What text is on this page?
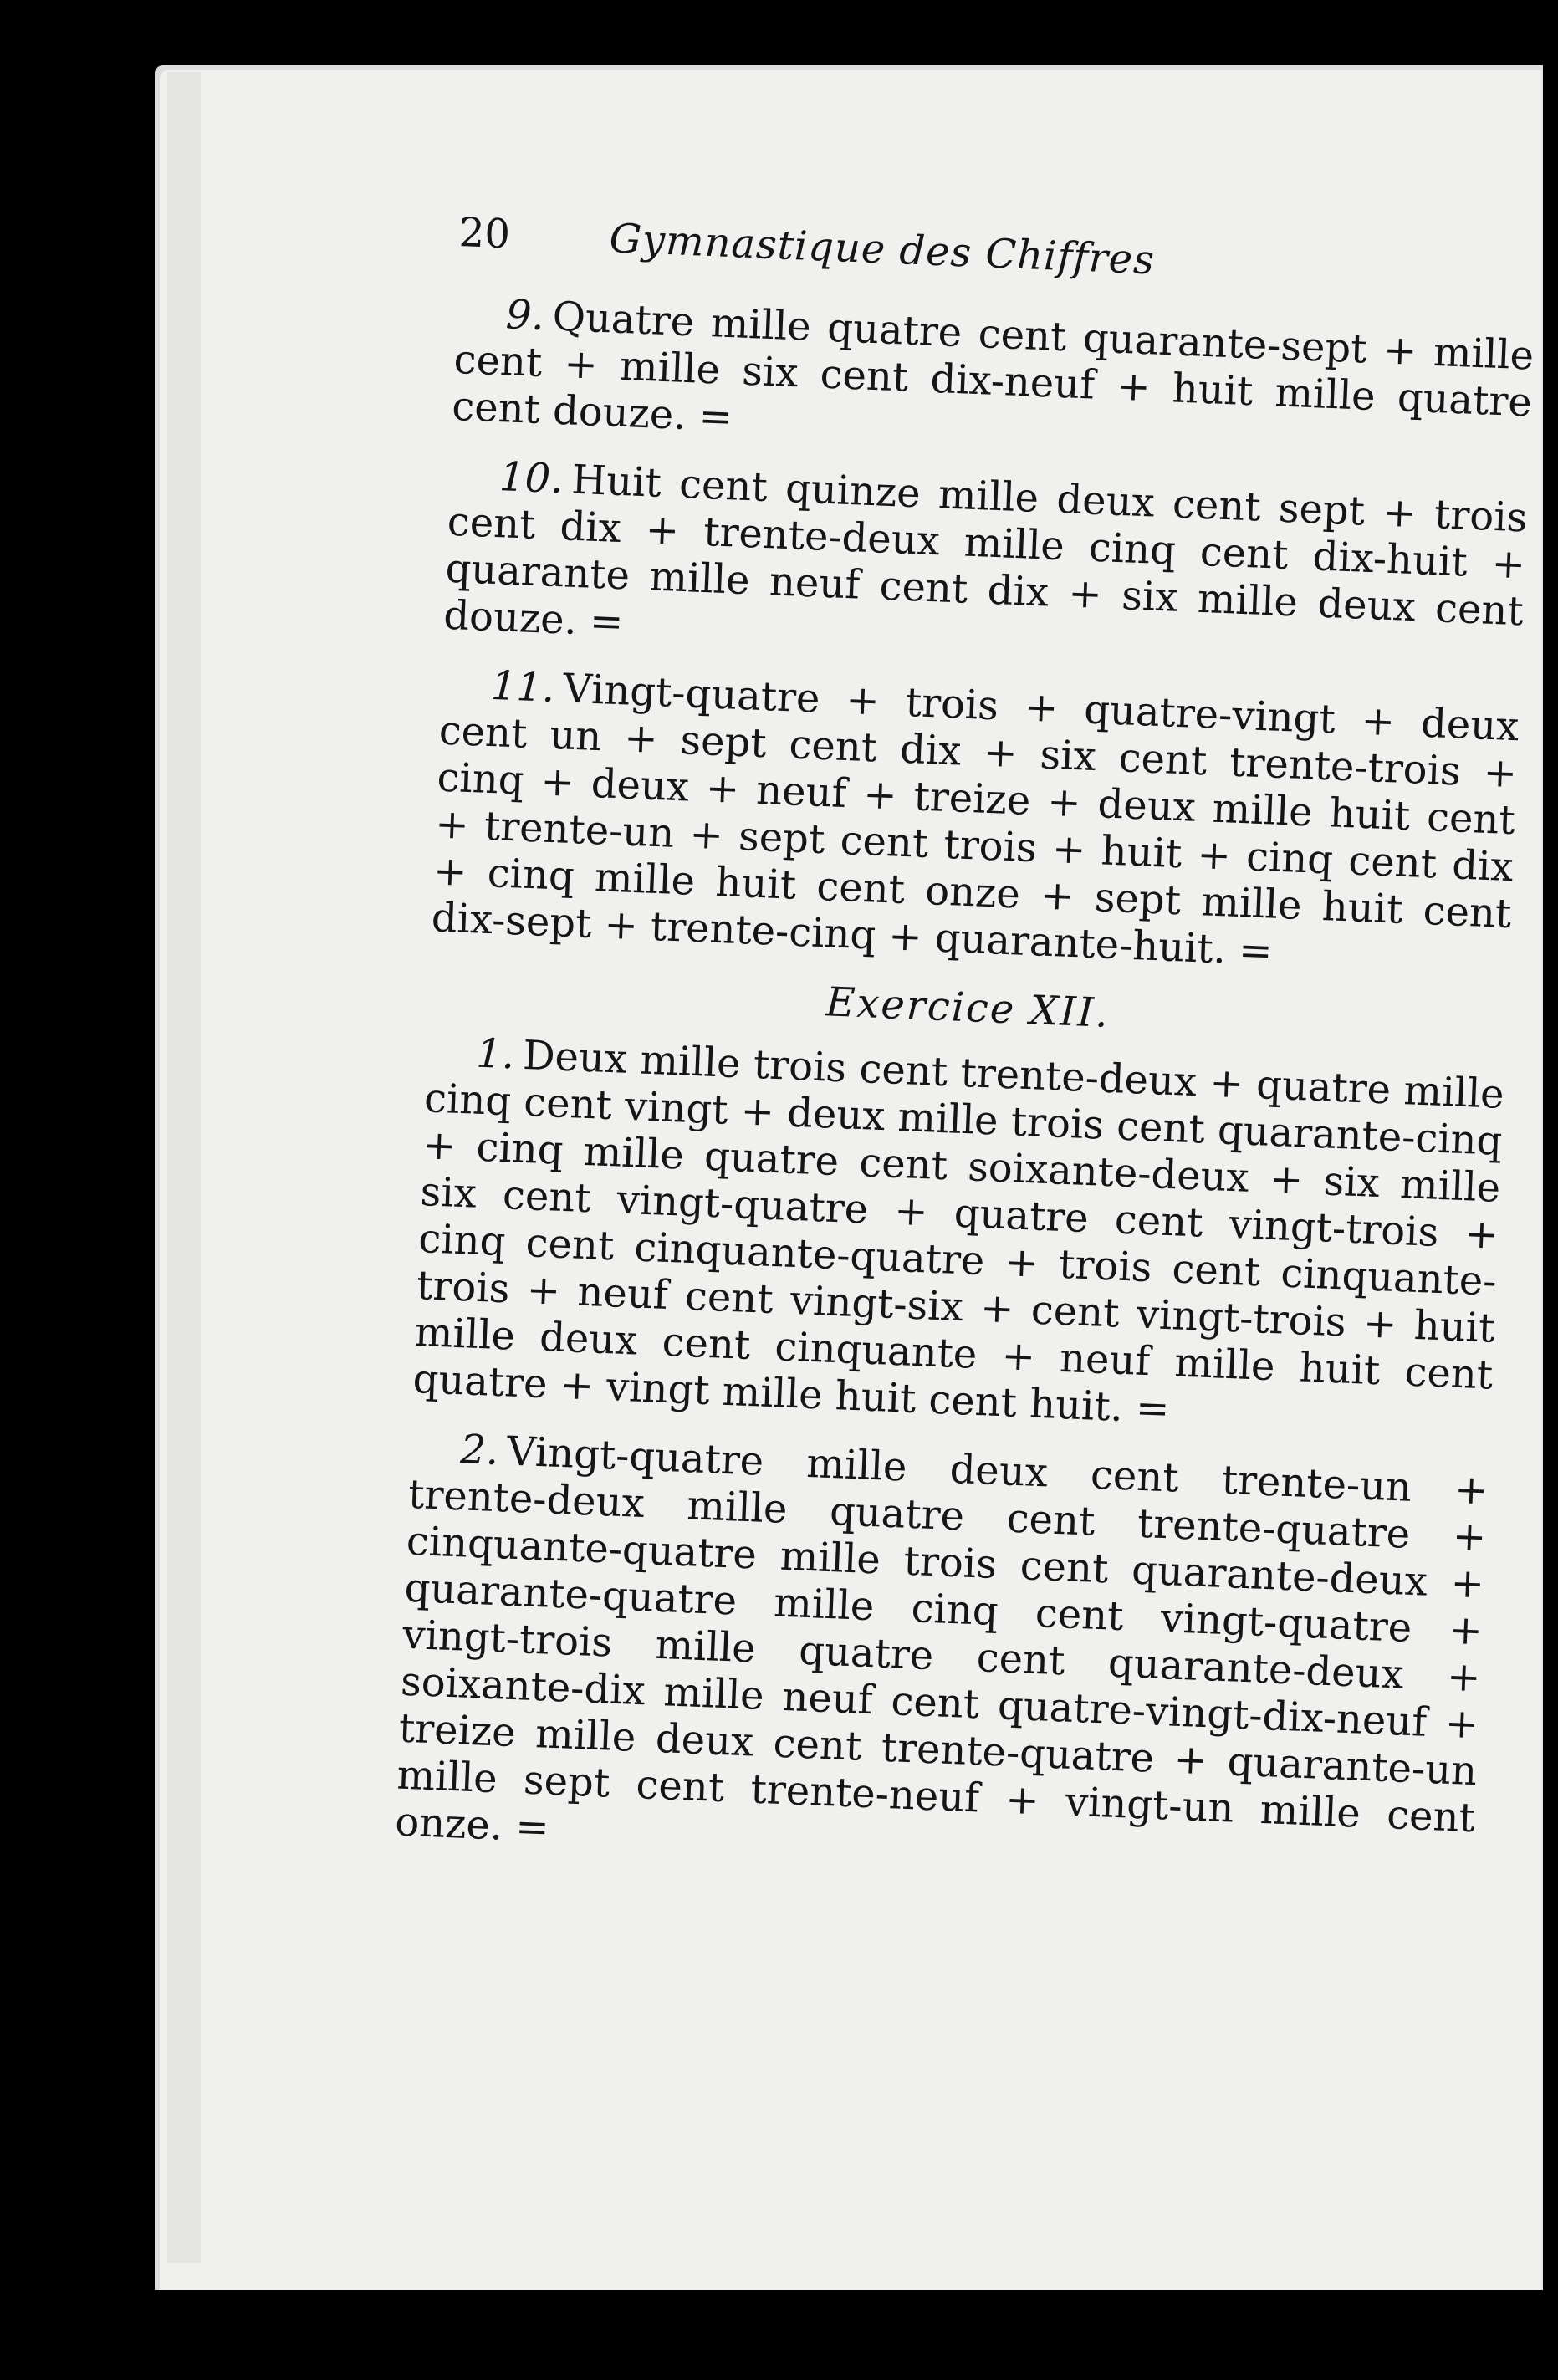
20	Gymnastique des Chiffres

9. Quatre mille quatre cent quarante-sept + mille cent + mille six cent dix-neuf + huit mille quatre cent douze. =

10. Huit cent quinze mille deux cent sept + trois cent dix + trente-deux mille cinq cent dix-huit + quarante mille neuf cent dix + six mille deux cent douze. =

11. Vingt-quatre + trois + quatre-vingt + deux cent un + sept cent dix + six cent trente-trois + cinq + deux + neuf + treize + deux mille huit cent + trente-un + sept cent trois + huit + cinq cent dix + cinq mille huit cent onze + sept mille huit cent dix-sept + trente-cinq + quarante-huit. =

Exercice XII.

1. Deux mille trois cent trente-deux + quatre mille cinq cent vingt + deux mille trois cent quarante-cinq + cinq mille quatre cent soixante-deux + six mille six cent vingt-quatre + quatre cent vingt-trois + cinq cent cinquante-quatre + trois cent cinquante-trois + neuf cent vingt-six + cent vingt-trois + huit mille deux cent cinquante + neuf mille huit cent quatre + vingt mille huit cent huit. =

2. Vingt-quatre mille deux cent trente-un + trente-deux mille quatre cent trente-quatre + cinquante-quatre mille trois cent quarante-deux + quarante-quatre mille cinq cent vingt-quatre + vingt-trois mille quatre cent quarante-deux + soixante-dix mille neuf cent quatre-vingt-dix-neuf + treize mille deux cent trente-quatre + quarante-un mille sept cent trente-neuf + vingt-un mille cent onze. =
